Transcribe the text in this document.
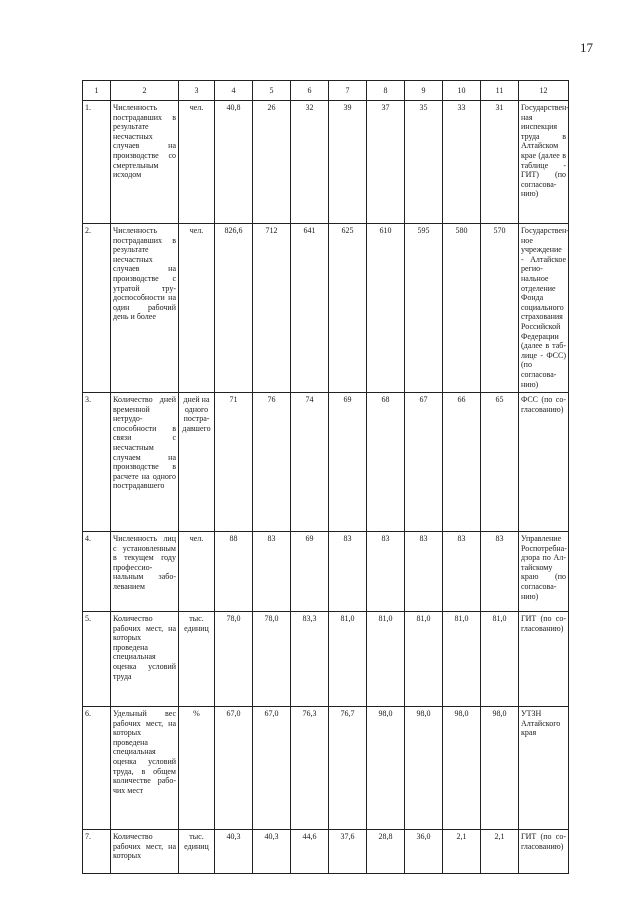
17
1	2	3	4	5	6	7	8	9	10	11	12
1.	Численность пострадавших в результате несчастных случаев на производстве со смертельным исходом	чел.	40,8	26	32	39	37	35	33	31	Государственная инспекция труда в Алтайском крае (далее в таблице - ГИТ) (по согласованию)
2.	Численность пострадавших в результате несчастных случаев на производстве с утратой трудоспособности на один рабочий день и более	чел.	826,6	712	641	625	610	595	580	570	Государственное учреждение - Алтайское региональное отделение Фонда социального страхования Российской Федерации (далее в таблице - ФСС) (по согласованию)
3.	Количество дней временной нетрудоспособности в связи с несчастным случаем на производстве в расчете на одного пострадавшего	дней на одного пострадавшего	71	76	74	69	68	67	66	65	ФСС (по согласованию)
4.	Численность лиц с установленным в текущем году профессиональным заболеванием	чел.	88	83	69	83	83	83	83	83	Управление Роспотребнадзора по Алтайскому краю (по согласованию)
5.	Количество рабочих мест, на которых проведена специальная оценка условий труда	тыс. единиц	78,0	78,0	83,3	81,0	81,0	81,0	81,0	81,0	ГИТ (по согласованию)
6.	Удельный вес рабочих мест, на которых проведена специальная оценка условий труда, в общем количестве рабочих мест	%	67,0	67,0	76,3	76,7	98,0	98,0	98,0	98,0	УТЗН Алтайского края
7.	Количество рабочих мест, на которых	тыс. единиц	40,3	40,3	44,6	37,6	28,8	36,0	2,1	2,1	ГИТ (по согласованию)
